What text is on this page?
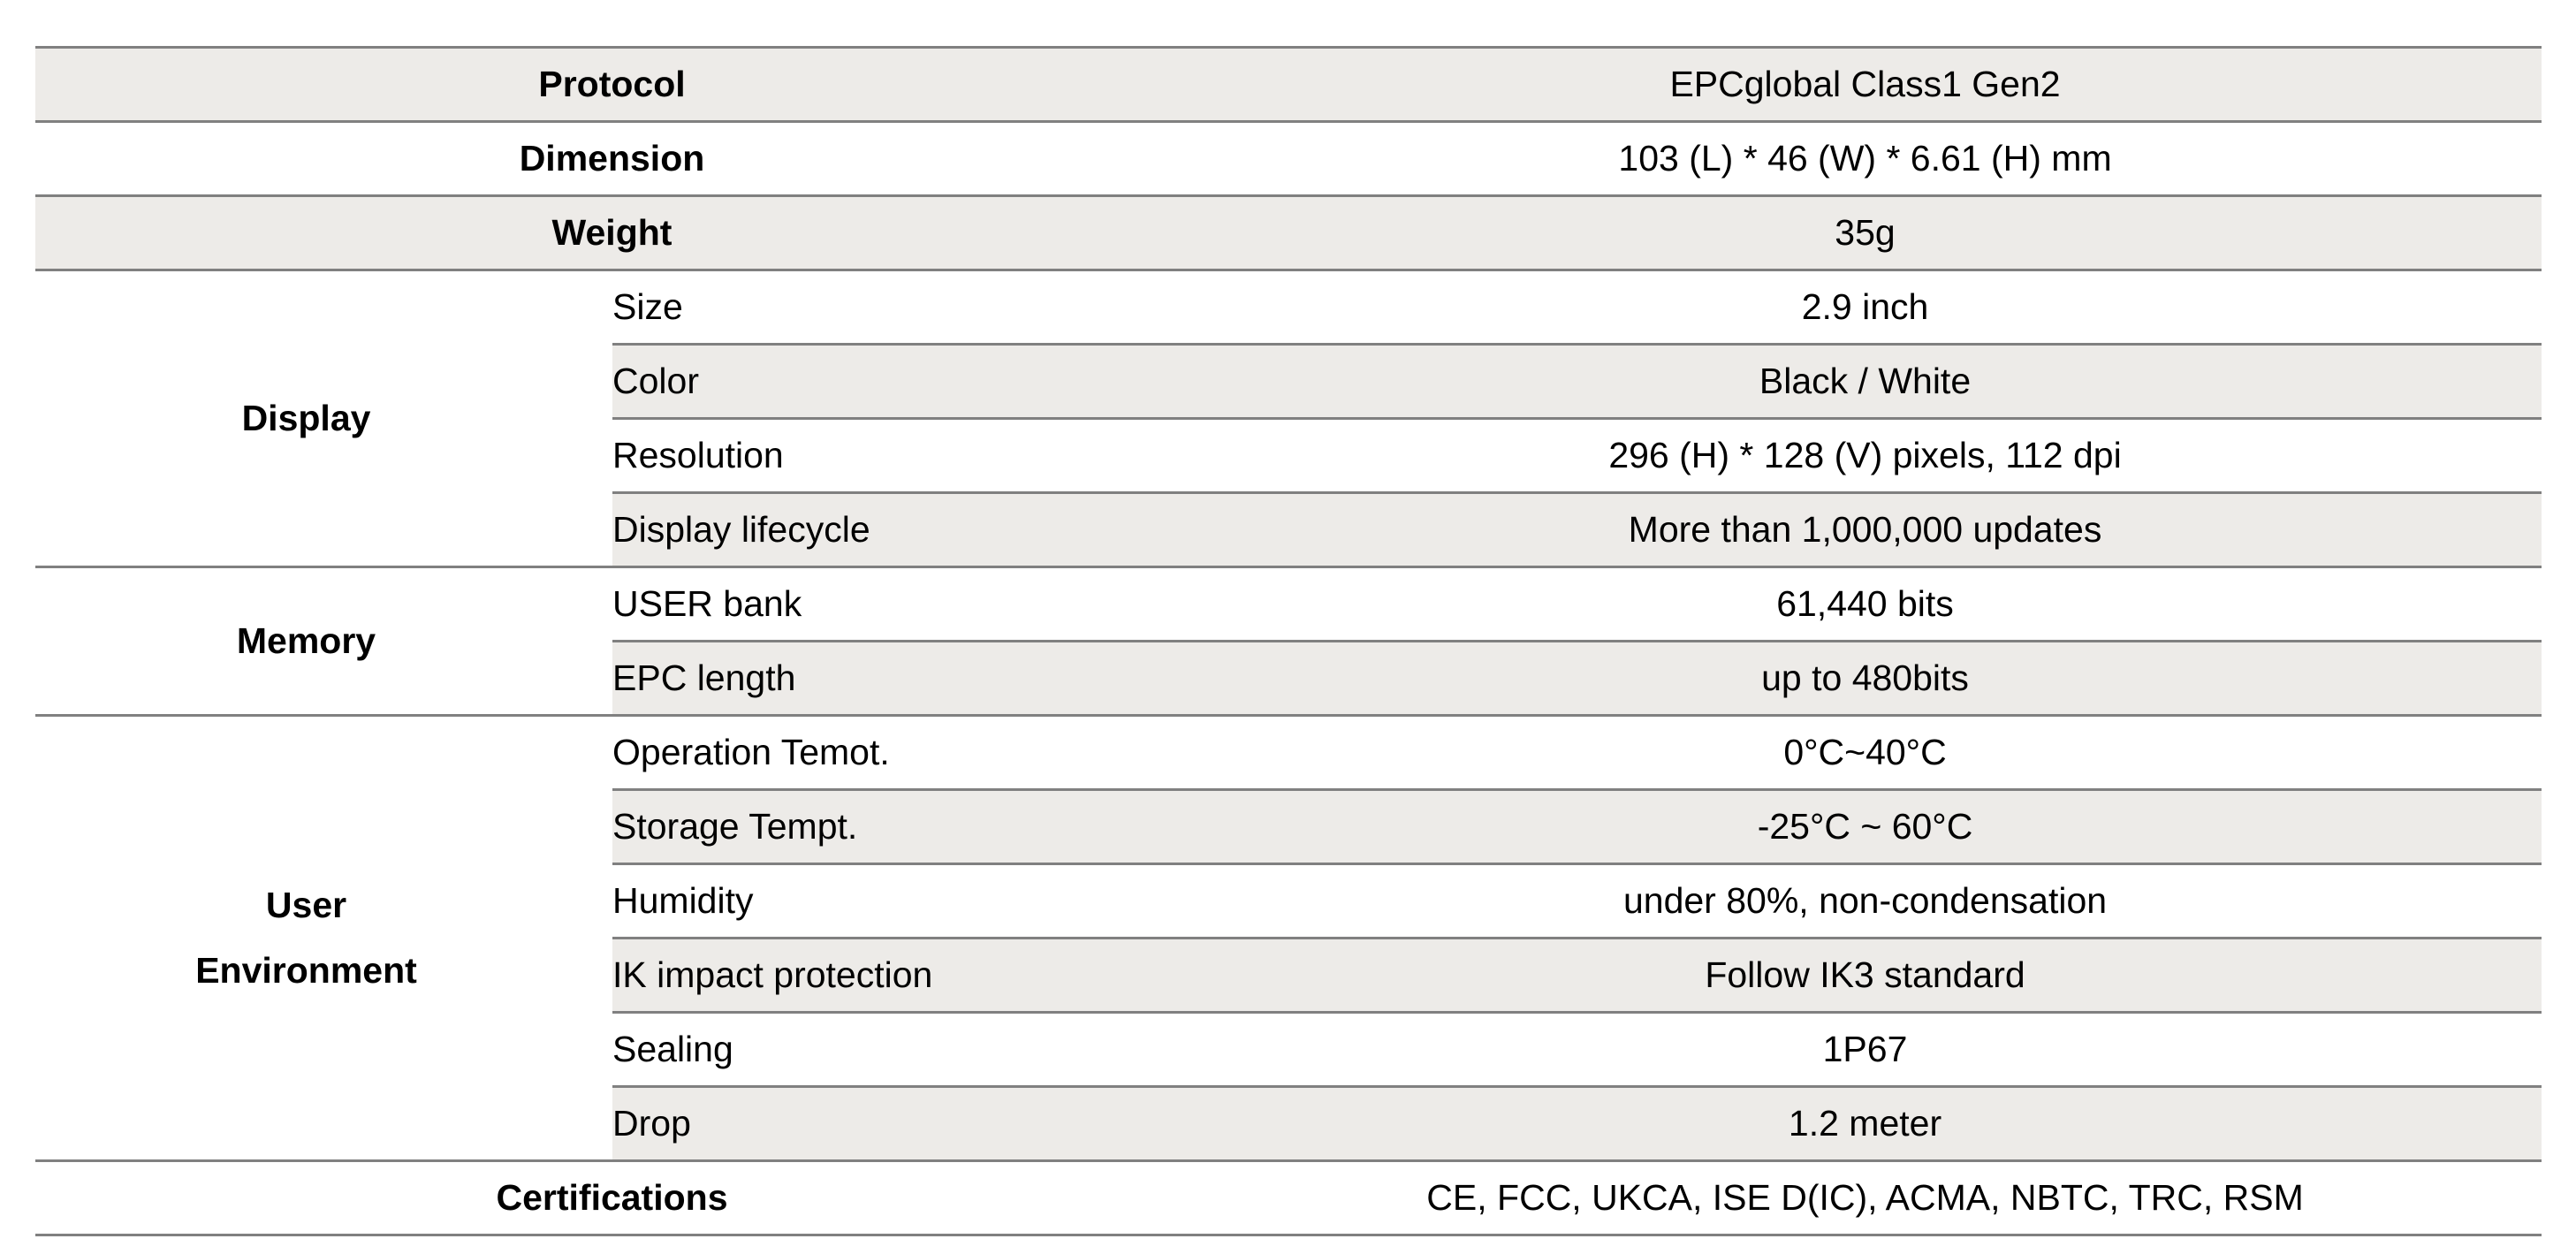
Protocol		EPCglobal Class1 Gen2
Dimension		103 (L) * 46 (W) * 6.61 (H) mm
Weight		35g
Display	Size	2.9 inch
	Color	Black / White
	Resolution	296 (H) * 128 (V) pixels, 112 dpi
	Display lifecycle	More than 1,000,000 updates
Memory	USER bank	61,440 bits
	EPC length	up to 480bits
User
Environment	Operation Temot.	0°C~40°C
	Storage Tempt.	-25°C ~ 60°C
	Humidity	under 80%, non-condensation
	IK impact protection	Follow IK3 standard
	Sealing	1P67
	Drop	1.2 meter
Certifications		CE, FCC, UKCA, ISE D(IC), ACMA, NBTC, TRC, RSM
